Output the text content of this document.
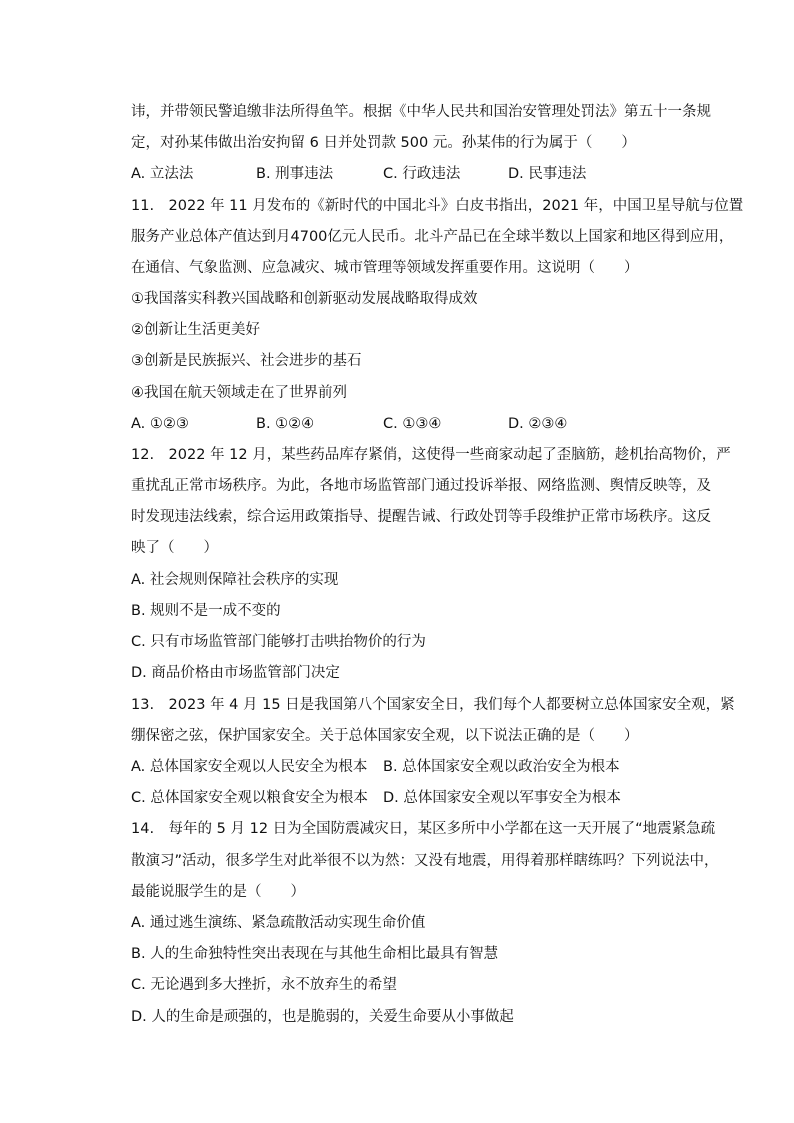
讳，并带领民警追缴非法所得鱼竿。根据《中华人民共和国治安管理处罚法》第五十一条规
定，对孙某伟做出治安拘留 6 日并处罚款 500 元。孙某伟的行为属于（　　）
A. 立法法	B. 刑事违法	C. 行政违法	D. 民事违法
11.　2022 年 11 月发布的《新时代的中国北斗》白皮书指出，2021 年，中国卫星导航与位置
服务产业总体产值达到月4700亿元人民币。北斗产品已在全球半数以上国家和地区得到应用，
在通信、气象监测、应急减灾、城市管理等领域发挥重要作用。这说明（　　）
①我国落实科教兴国战略和创新驱动发展战略取得成效
②创新让生活更美好
③创新是民族振兴、社会进步的基石
④我国在航天领域走在了世界前列
A. ①②③	B. ①②④	C. ①③④	D. ②③④
12.　2022 年 12 月，某些药品库存紧俏，这使得一些商家动起了歪脑筋，趁机抬高物价，严
重扰乱正常市场秩序。为此，各地市场监管部门通过投诉举报、网络监测、舆情反映等，及
时发现违法线索，综合运用政策指导、提醒告诫、行政处罚等手段维护正常市场秩序。这反
映了（　　）
A. 社会规则保障社会秩序的实现
B. 规则不是一成不变的
C. 只有市场监管部门能够打击哄抬物价的行为
D. 商品价格由市场监管部门决定
13.　2023 年 4 月 15 日是我国第八个国家安全日，我们每个人都要树立总体国家安全观，紧
绷保密之弦，保护国家安全。关于总体国家安全观，以下说法正确的是（　　）
A. 总体国家安全观以人民安全为根本 B. 总体国家安全观以政治安全为根本
C. 总体国家安全观以粮食安全为根本 D. 总体国家安全观以军事安全为根本
14.　每年的 5 月 12 日为全国防震减灾日，某区多所中小学都在这一天开展了“地震紧急疏
散演习”活动，很多学生对此举很不以为然：又没有地震，用得着那样瞎练吗？下列说法中，
最能说服学生的是（　　）
A. 通过逃生演练、紧急疏散活动实现生命价值
B. 人的生命独特性突出表现在与其他生命相比最具有智慧
C. 无论遇到多大挫折，永不放弃生的希望
D. 人的生命是顽强的，也是脆弱的，关爱生命要从小事做起
